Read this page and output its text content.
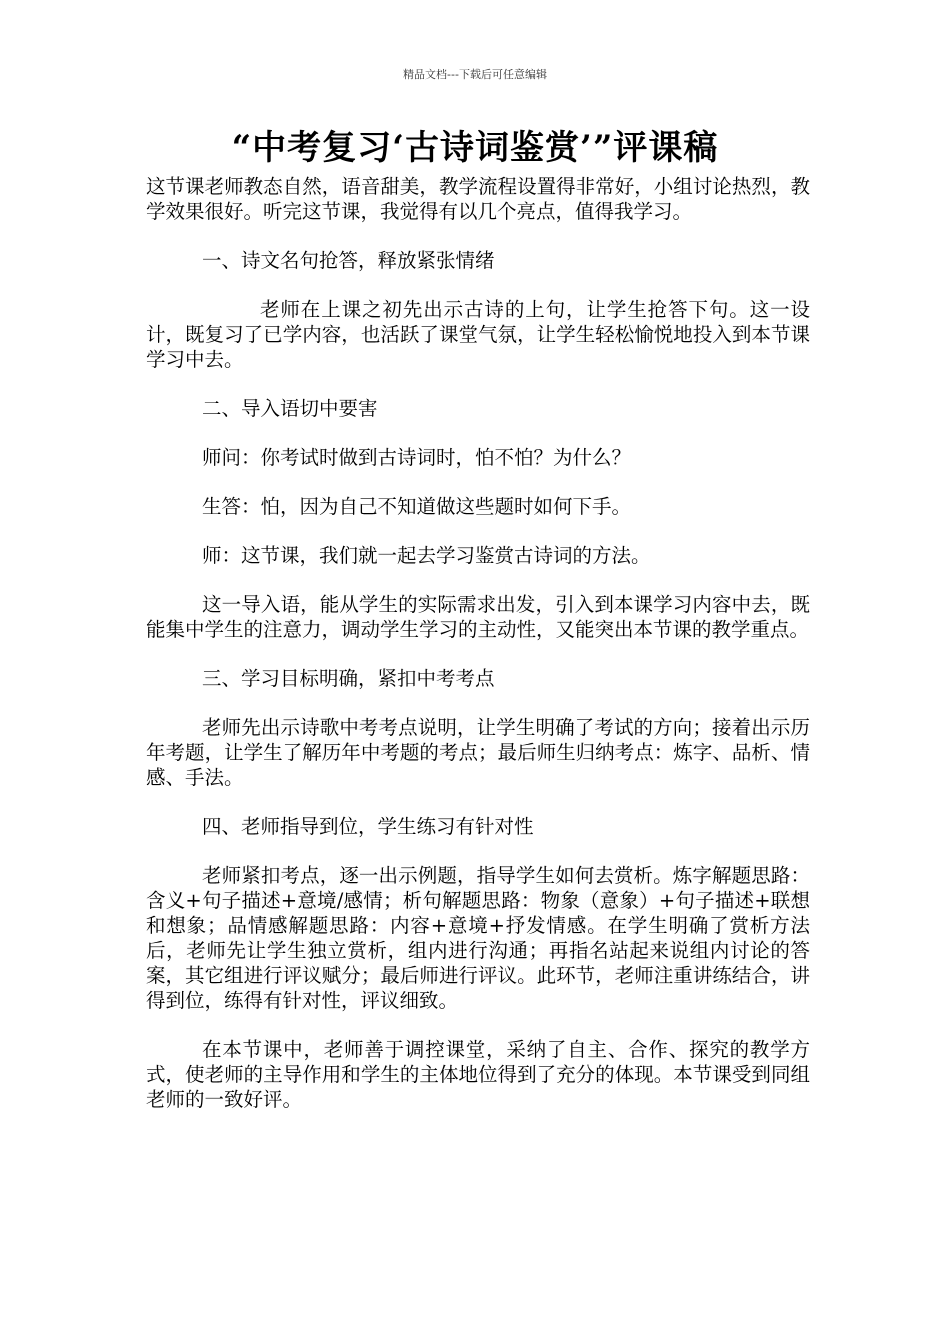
精品文档---下载后可任意编辑
“中考复习‘古诗词鉴赏’”评课稿

这节课老师教态自然，语音甜美，教学流程设置得非常好，小组讨论热烈，教学效果很好。听完这节课，我觉得有以几个亮点，值得我学习。

一、诗文名句抢答，释放紧张情绪

老师在上课之初先出示古诗的上句，让学生抢答下句。这一设计，既复习了已学内容，也活跃了课堂气氛，让学生轻松愉悦地投入到本节课学习中去。

二、导入语切中要害

师问：你考试时做到古诗词时，怕不怕？为什么？

生答：怕，因为自己不知道做这些题时如何下手。

师：这节课，我们就一起去学习鉴赏古诗词的方法。

这一导入语，能从学生的实际需求出发，引入到本课学习内容中去，既能集中学生的注意力，调动学生学习的主动性，又能突出本节课的教学重点。

三、学习目标明确，紧扣中考考点

老师先出示诗歌中考考点说明，让学生明确了考试的方向；接着出示历年考题，让学生了解历年中考题的考点；最后师生归纳考点：炼字、品析、情感、手法。

四、老师指导到位，学生练习有针对性

老师紧扣考点，逐一出示例题，指导学生如何去赏析。炼字解题思路：含义+句子描述+意境/感情；析句解题思路：物象（意象）+句子描述+联想和想象；品情感解题思路：内容+意境+抒发情感。在学生明确了赏析方法后，老师先让学生独立赏析，组内进行沟通；再指名站起来说组内讨论的答案，其它组进行评议赋分；最后师进行评议。此环节，老师注重讲练结合，讲得到位，练得有针对性，评议细致。

在本节课中，老师善于调控课堂，采纳了自主、合作、探究的教学方式，使老师的主导作用和学生的主体地位得到了充分的体现。本节课受到同组老师的一致好评。
